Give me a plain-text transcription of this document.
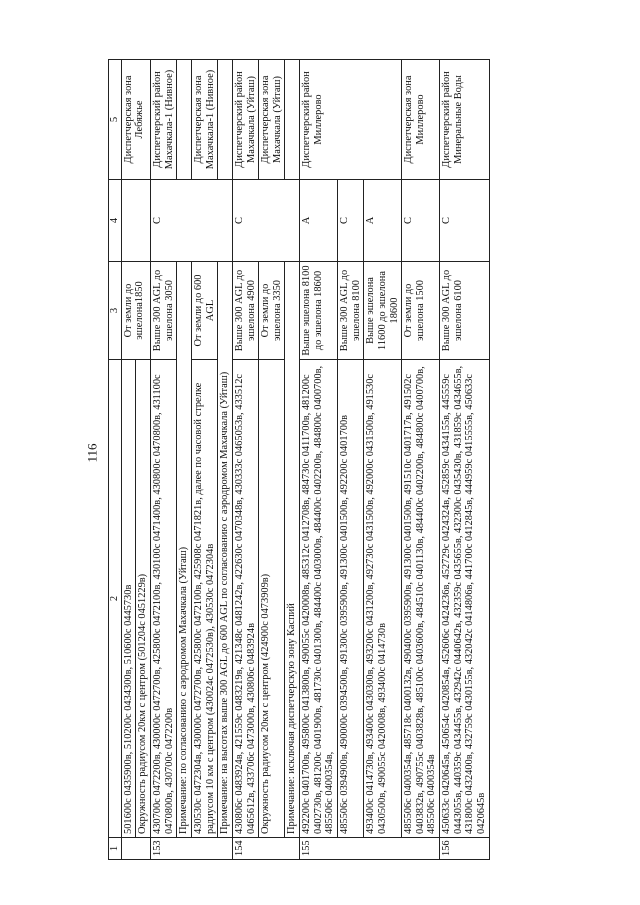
116
1	2	3	4	5
	501600с 0435900в, 510200с 0434300в, 510600с 0445730в	От земли до эшелона1850		Диспетчерская зона Лебяжье
	Окружность радиусом 20км с центром (501204с 0451229в)			
153	430700с 0472200в, 430000с 0472700в, 425800с 0472100в, 430100с 0471400в, 430800с 0470800в, 431100с 0470800в, 430700с 0472200в	Выше 300 AGL до эшелона 3050	C	Диспетчерский район Махачкала-1 (Нивное)
	Примечание: по согласованию с аэродромом Махачкала (Уйташ)			
	430530с 0472304в, 430000с 0472700в, 425800с 0472100в, 425908с 0471821в, далее по часовой стрелке радиусом 10 км с центром (430024с 0472530в), 430530с 0472304в	От земли до 600 AGL		Диспетчерская зона Махачкала-1 (Нивное)
	Примечание: на высотах выше 300 AGL до 600 AGL по согласованию с аэродромом Махачкала (Уйташ)			
154	430806с 0483924в, 421559с 0483219в, 421348с 0481242в, 422630с 0470348в, 430333с 0465053в, 433512с 0465612в, 433706с 0473000в, 430806с 0483924в	Выше 300 AGL до эшелона 4900	C	Диспетчерский район Махачкала (Уйташ)
	Окружность радиусом 20км с центром (424900с 0473909в)	От земли до эшелона 3350		Диспетчерская зона Махачкала (Уйташ)
	Примечание: исключая диспетчерскую зону Каспий			
155	492200с 0401700в, 495800с 0413800в, 490055с 0420008в, 485312с 0412708в, 484730с 0411700в, 481200с 0402730в, 481200с 0401900в, 481730с 0401300в, 484400с 0403000в, 484400с 0402200в, 484800с 0400700в, 485506с 0400354в,	Выше эшелона 8100 до эшелона 18600	A	Диспетчерский район Миллерово
	485506с 0394900в, 490000с 0394500в, 491300с 0395900в, 491300с 0401500в, 492200с 0401700в	Выше 300 AGL до эшелона 8100	C	
	493400с 0414730в, 493400с 0430300в, 493200с 0431200в, 492730с 0431500в, 492000с 0431500в, 491530с 0430500в, 490055с 0420008в, 493400с 0414730в	Выше эшелона 11600 до эшелона 18600	A	
	485506с 0400354в, 485718с 0400132в, 490400с 0395900в, 491300с 0401500в, 491510с 0401717в, 491502с 0403832в, 490755с 0403828в, 485100с 0403600в, 484510с 0401130в, 484400с 0402200в, 484800с 0400700в, 485506с 0400354в	От земли до эшелона 1500	C	Диспетчерская зона Миллерово
156	450633с 0420645в, 450654с 0420854в, 452606с 0424236в, 452729с 0424324в, 452859с 0434155в, 445559с 0443055в, 440359с 0434455в, 432942с 0440642в, 432359с 0435655в, 432300с 0435430в, 431859с 0434655в, 431800с 0432400в, 432759с 0430155в, 432042с 0414806в, 441700с 0412845в, 444959с 0415555в, 450633с 0420645в	Выше 300 AGL до эшелона 6100	C	Диспетчерский район Минеральные Воды
